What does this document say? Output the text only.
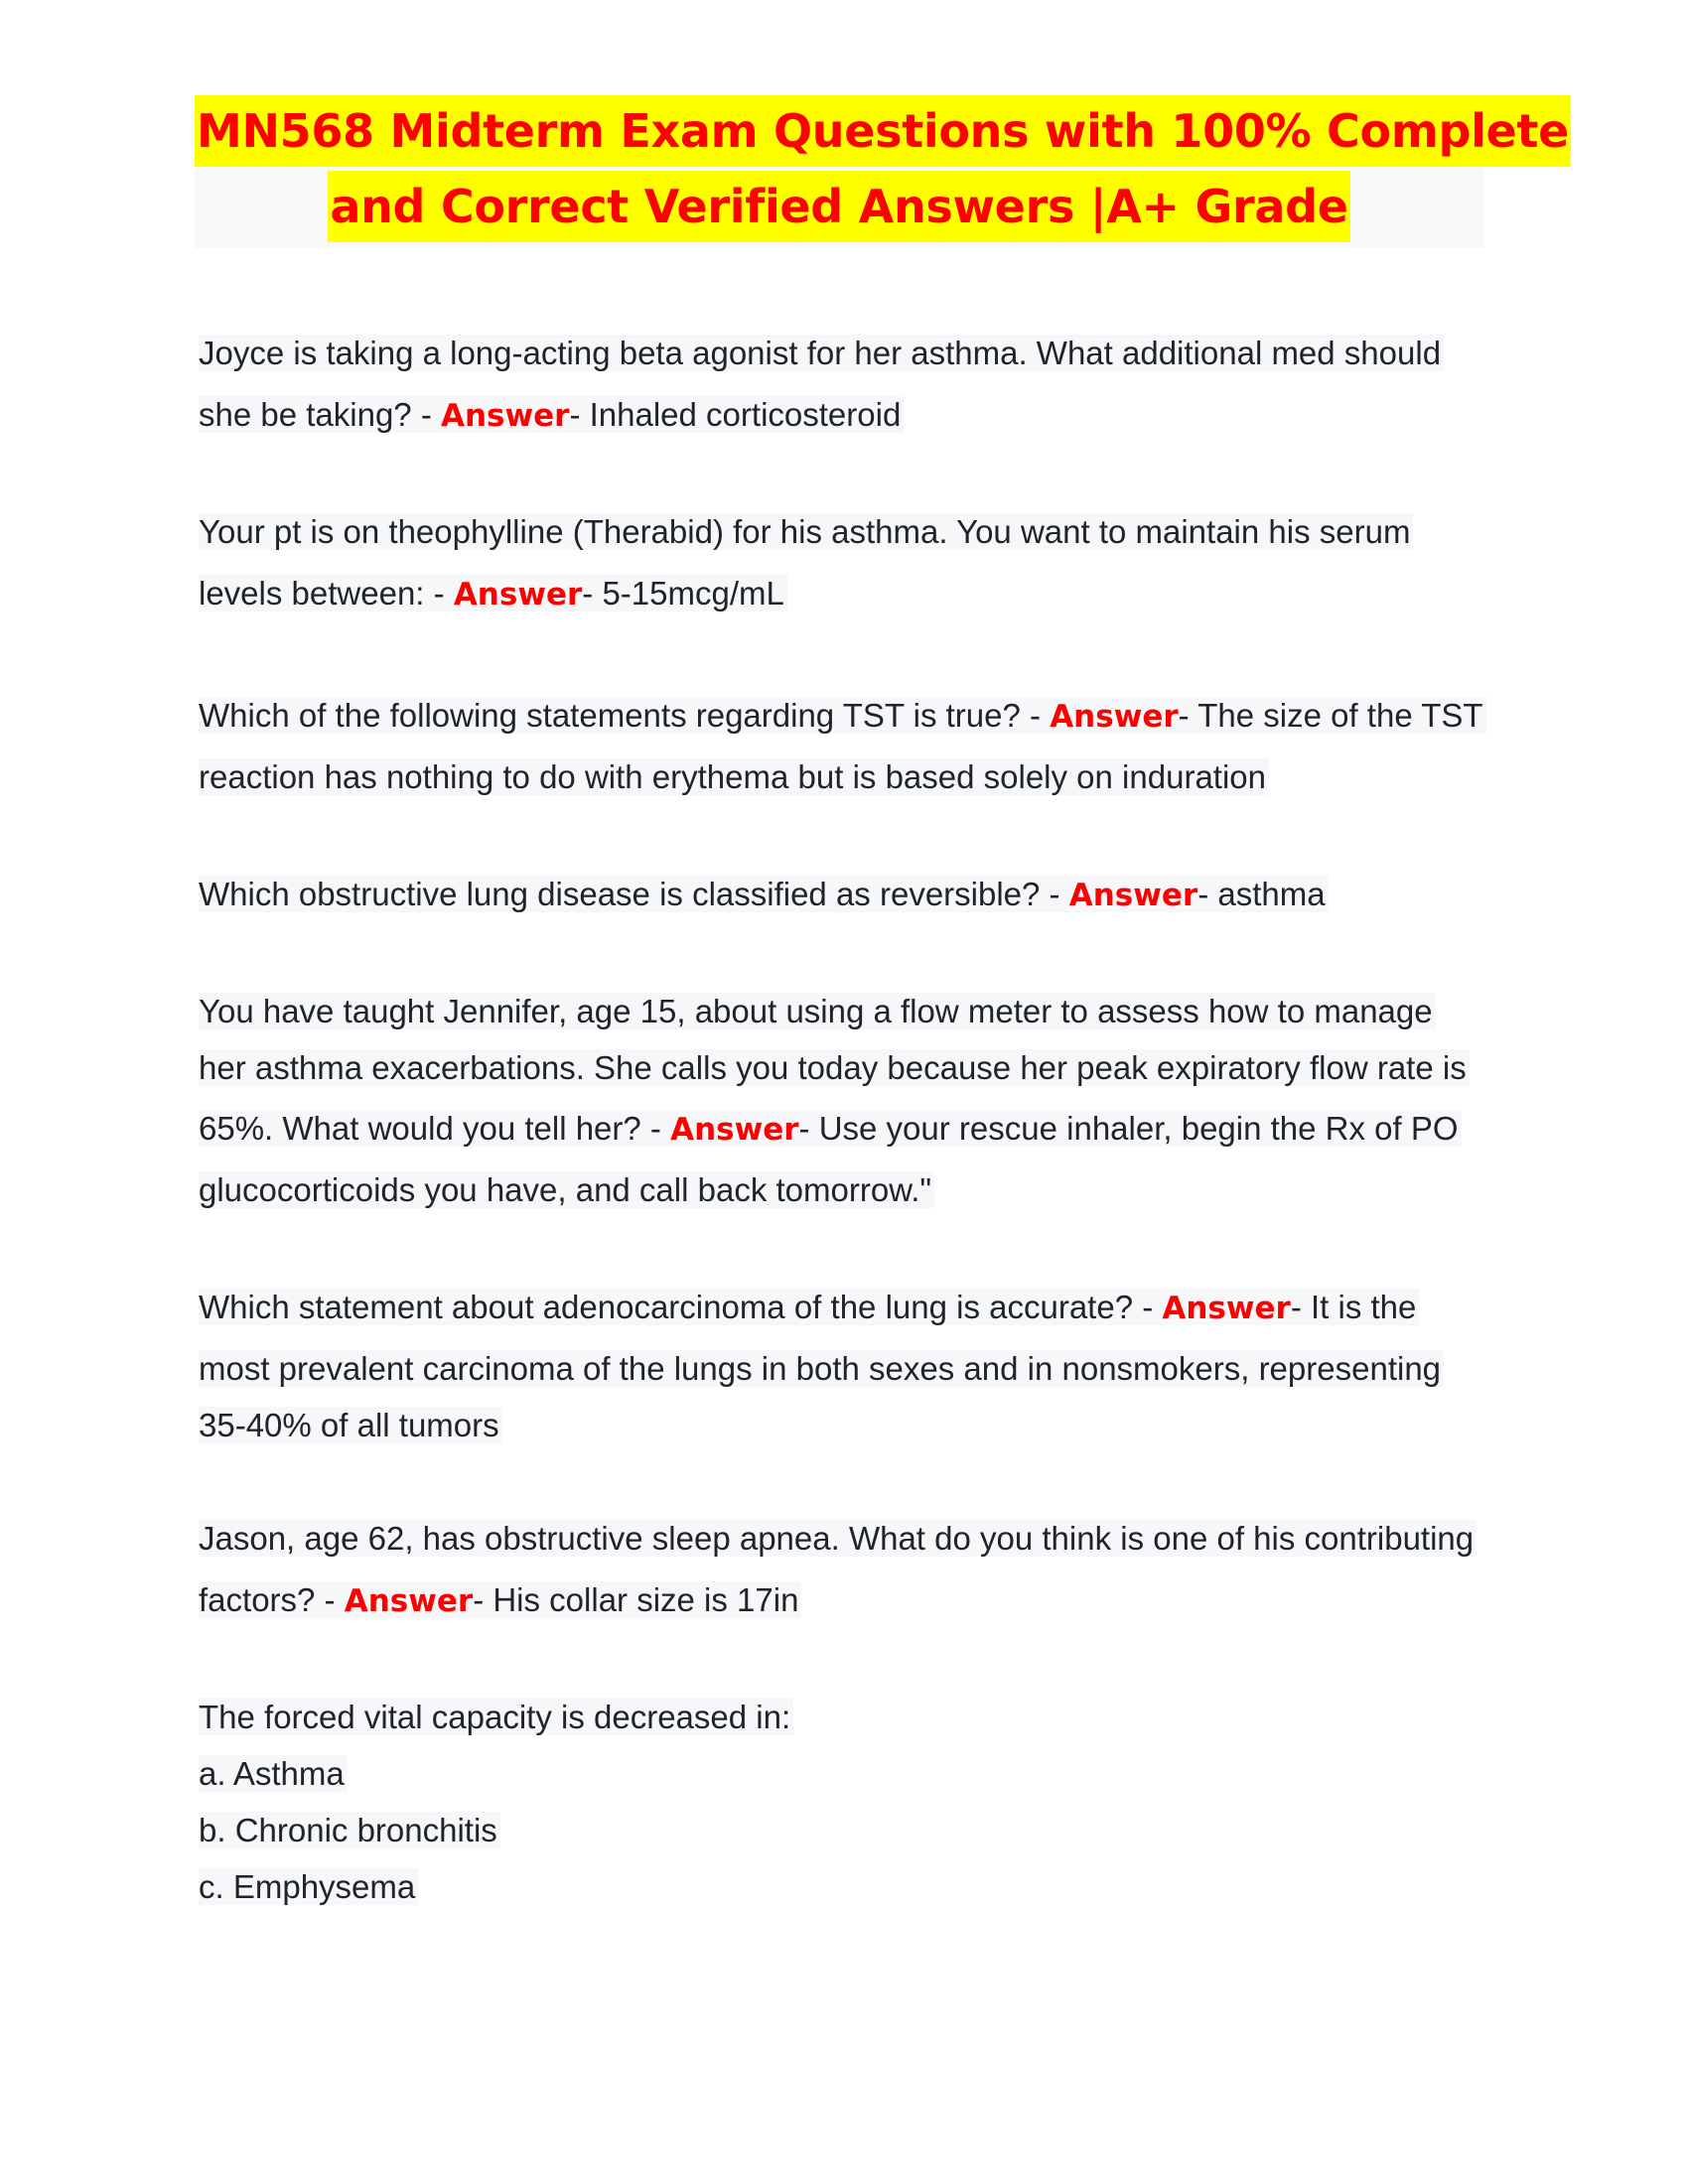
MN568 Midterm Exam Questions with 100% Complete
and Correct Verified Answers |A+ Grade
Joyce is taking a long-acting beta agonist for her asthma. What additional med should
she be taking? - Answer- Inhaled corticosteroid
Your pt is on theophylline (Therabid) for his asthma. You want to maintain his serum
levels between: - Answer- 5-15mcg/mL
Which of the following statements regarding TST is true? - Answer- The size of the TST
reaction has nothing to do with erythema but is based solely on induration
Which obstructive lung disease is classified as reversible? - Answer- asthma
You have taught Jennifer, age 15, about using a flow meter to assess how to manage
her asthma exacerbations. She calls you today because her peak expiratory flow rate is
65%. What would you tell her? - Answer- Use your rescue inhaler, begin the Rx of PO
glucocorticoids you have, and call back tomorrow."
Which statement about adenocarcinoma of the lung is accurate? - Answer- It is the
most prevalent carcinoma of the lungs in both sexes and in nonsmokers, representing
35-40% of all tumors
Jason, age 62, has obstructive sleep apnea. What do you think is one of his contributing
factors? - Answer- His collar size is 17in
The forced vital capacity is decreased in:
a. Asthma
b. Chronic bronchitis
c. Emphysema
